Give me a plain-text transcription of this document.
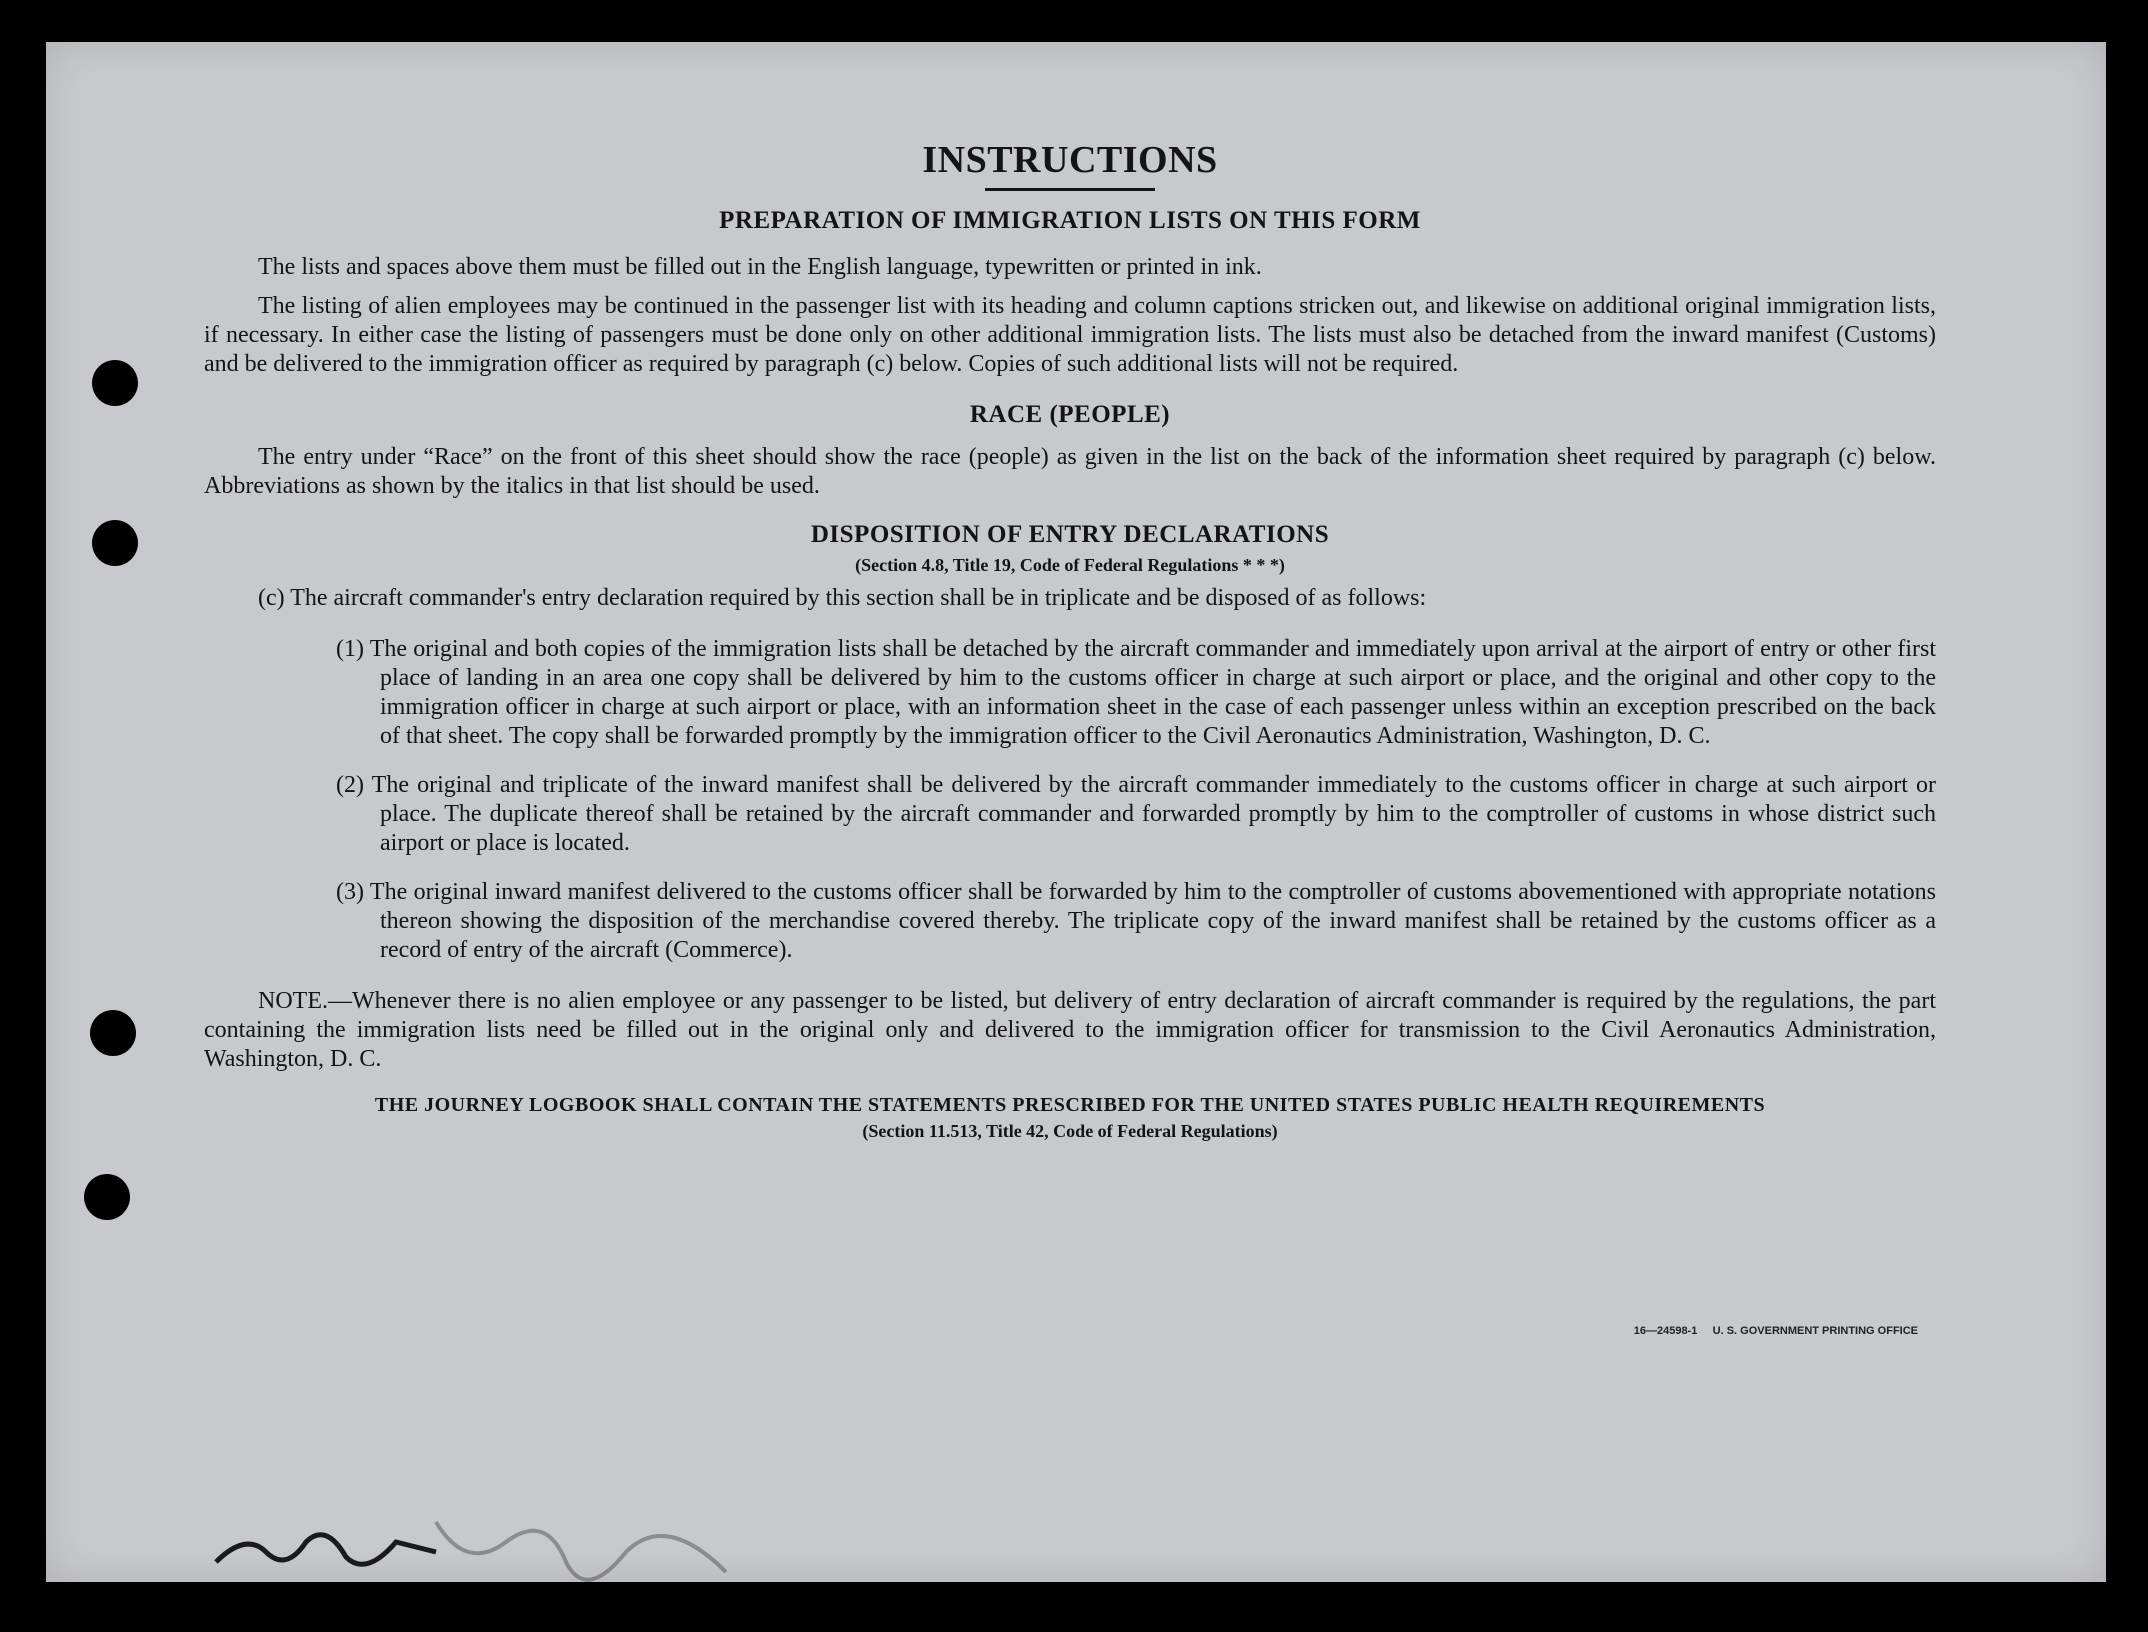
INSTRUCTIONS
PREPARATION OF IMMIGRATION LISTS ON THIS FORM

The lists and spaces above them must be filled out in the English language, typewritten or printed in ink.

The listing of alien employees may be continued in the passenger list with its heading and column captions stricken out, and likewise on additional original immigration lists, if necessary. In either case the listing of passengers must be done only on other additional immigration lists. The lists must also be detached from the inward manifest (Customs) and be delivered to the immigration officer as required by paragraph (c) below. Copies of such additional lists will not be required.

RACE (PEOPLE)

The entry under “Race” on the front of this sheet should show the race (people) as given in the list on the back of the information sheet required by paragraph (c) below. Abbreviations as shown by the italics in that list should be used.

DISPOSITION OF ENTRY DECLARATIONS
(Section 4.8, Title 19, Code of Federal Regulations * * *)

(c) The aircraft commander's entry declaration required by this section shall be in triplicate and be disposed of as follows:

(1) The original and both copies of the immigration lists shall be detached by the aircraft commander and immediately upon arrival at the airport of entry or other first place of landing in an area one copy shall be delivered by him to the customs officer in charge at such airport or place, and the original and other copy to the immigration officer in charge at such airport or place, with an information sheet in the case of each passenger unless within an exception prescribed on the back of that sheet. The copy shall be forwarded promptly by the immigration officer to the Civil Aeronautics Administration, Washington, D. C.

(2) The original and triplicate of the inward manifest shall be delivered by the aircraft commander immediately to the customs officer in charge at such airport or place. The duplicate thereof shall be retained by the aircraft commander and forwarded promptly by him to the comptroller of customs in whose district such airport or place is located.

(3) The original inward manifest delivered to the customs officer shall be forwarded by him to the comptroller of customs abovementioned with appropriate notations thereon showing the disposition of the merchandise covered thereby. The triplicate copy of the inward manifest shall be retained by the customs officer as a record of entry of the aircraft (Commerce).

NOTE.—Whenever there is no alien employee or any passenger to be listed, but delivery of entry declaration of aircraft commander is required by the regulations, the part containing the immigration lists need be filled out in the original only and delivered to the immigration officer for transmission to the Civil Aeronautics Administration, Washington, D. C.

THE JOURNEY LOGBOOK SHALL CONTAIN THE STATEMENTS PRESCRIBED FOR THE UNITED STATES PUBLIC HEALTH REQUIREMENTS
(Section 11.513, Title 42, Code of Federal Regulations)
16—24598-1 U. S. GOVERNMENT PRINTING OFFICE
